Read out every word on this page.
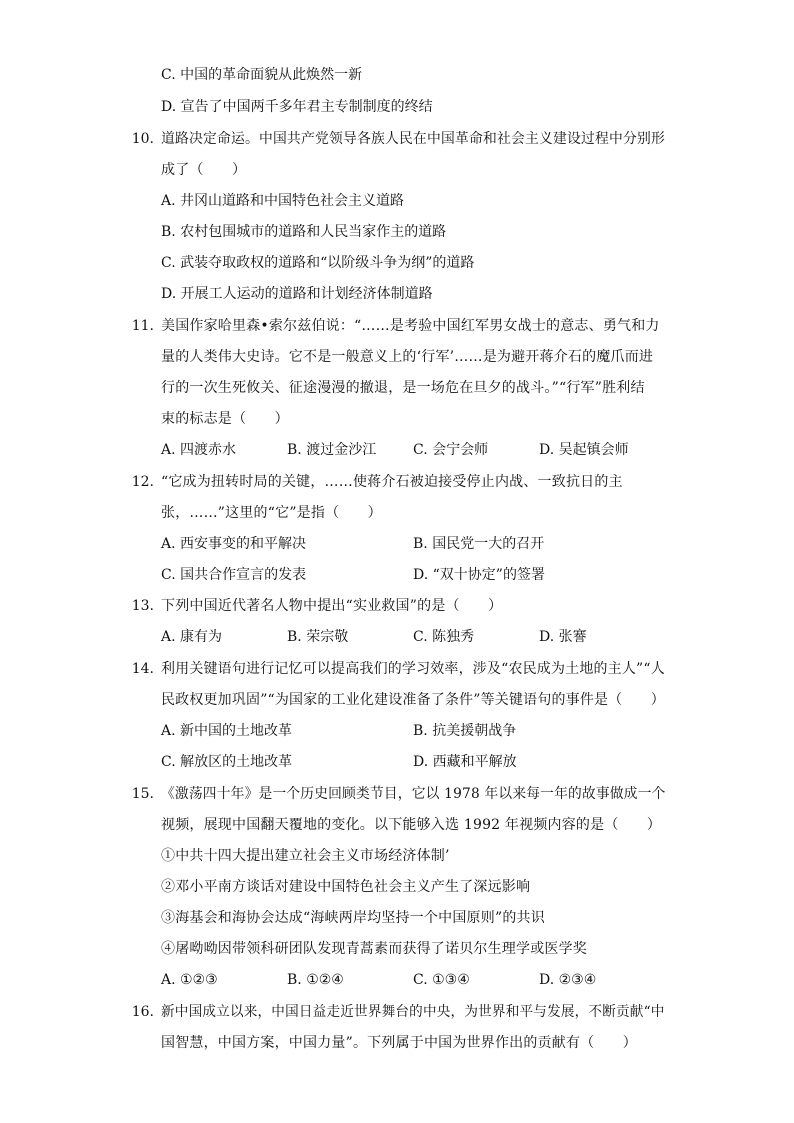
C. 中国的革命面貌从此焕然一新
D. 宣告了中国两千多年君主专制制度的终结
10. 道路决定命运。中国共产党领导各族人民在中国革命和社会主义建设过程中分别形
成了（　　）
A. 井冈山道路和中国特色社会主义道路
B. 农村包围城市的道路和人民当家作主的道路
C. 武装夺取政权的道路和“以阶级斗争为纲”的道路
D. 开展工人运动的道路和计划经济体制道路
11. 美国作家哈里森•索尔兹伯说：“……是考验中国红军男女战士的意志、勇气和力
量的人类伟大史诗。它不是一般意义上的‘行军’……是为避开蒋介石的魔爪而进
行的一次生死攸关、征途漫漫的撤退，是一场危在旦夕的战斗。”“行军”胜利结
束的标志是（　　）
A. 四渡赤水	B. 渡过金沙江	C. 会宁会师	D. 吴起镇会师
12. “它成为扭转时局的关键，……使蒋介石被迫接受停止内战、一致抗日的主
张，……”这里的“它”是指（　　）
A. 西安事变的和平解决	B. 国民党一大的召开
C. 国共合作宣言的发表	D. “双十协定”的签署
13. 下列中国近代著名人物中提出“实业救国”的是（　　）
A. 康有为	B. 荣宗敬	C. 陈独秀	D. 张謇
14. 利用关键语句进行记忆可以提高我们的学习效率，涉及“农民成为土地的主人”“人
民政权更加巩固”“为国家的工业化建设准备了条件”等关键语句的事件是（　　）
A. 新中国的土地改革	B. 抗美援朝战争
C. 解放区的土地改革	D. 西藏和平解放
15. 《激荡四十年》是一个历史回顾类节目，它以 1978 年以来每一年的故事做成一个
视频，展现中国翻天覆地的变化。以下能够入选 1992 年视频内容的是（　　）
①中共十四大提出建立社会主义市场经济体制’
②邓小平南方谈话对建设中国特色社会主义产生了深远影响
③海基会和海协会达成“海峡两岸均坚持一个中国原则”的共识
④屠呦呦因带领科研团队发现青蒿素而获得了诺贝尔生理学或医学奖
A. ①②③	B. ①②④	C. ①③④	D. ②③④
16. 新中国成立以来，中国日益走近世界舞台的中央，为世界和平与发展，不断贡献“中
国智慧，中国方案，中国力量”。下列属于中国为世界作出的贡献有（　　）
